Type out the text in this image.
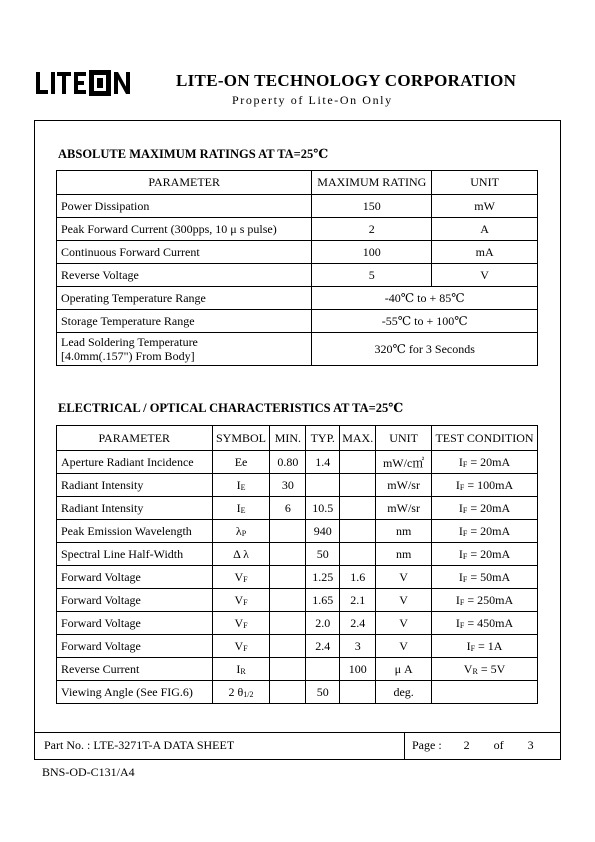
LITE-ON TECHNOLOGY CORPORATION
Property of Lite-On Only
ABSOLUTE MAXIMUM RATINGS AT TA=25℃
PARAMETER	MAXIMUM RATING	UNIT
Power Dissipation	150	mW
Peak Forward Current (300pps, 10 μ s pulse)	2	A
Continuous Forward Current	100	mA
Reverse Voltage	5	V
Operating Temperature Range	-40℃ to + 85℃	
Storage Temperature Range	-55℃ to + 100℃	

Lead Soldering Temperature
[4.0mm(.157") From Body]	320℃ for 3 Seconds	
ELECTRICAL / OPTICAL CHARACTERISTICS AT TA=25℃
PARAMETER	SYMBOL	MIN.	TYP.	MAX.	UNIT	TEST CONDITION
Aperture Radiant Incidence	Ee	0.80	1.4		mW/c㎡	$I_F = 20mA$
Radiant Intensity	$I_E$	30			mW/sr	$I_F = 100mA$
Radiant Intensity	$I_E$	6	10.5		mW/sr	$I_F = 20mA$
Peak Emission Wavelength	$\lambda_P$		940		nm	$I_F = 20mA$
Spectral Line Half-Width	Δ λ		50		nm	$I_F = 20mA$
Forward Voltage	$V_F$		1.25	1.6	V	$I_F = 50mA$
Forward Voltage	$V_F$		1.65	2.1	V	$I_F = 250mA$
Forward Voltage	$V_F$		2.0	2.4	V	$I_F = 450mA$
Forward Voltage	$V_F$		2.4	3	V	$I_F = 1A$
Reverse Current	$I_R$			100	μ A	$V_R = 5V$
Viewing Angle (See FIG.6)	2 $\theta_{1/2}$		50		deg.	
Part No. : LTE-3271T-A DATA SHEET	Page : 2 of 3
BNS-OD-C131/A4
